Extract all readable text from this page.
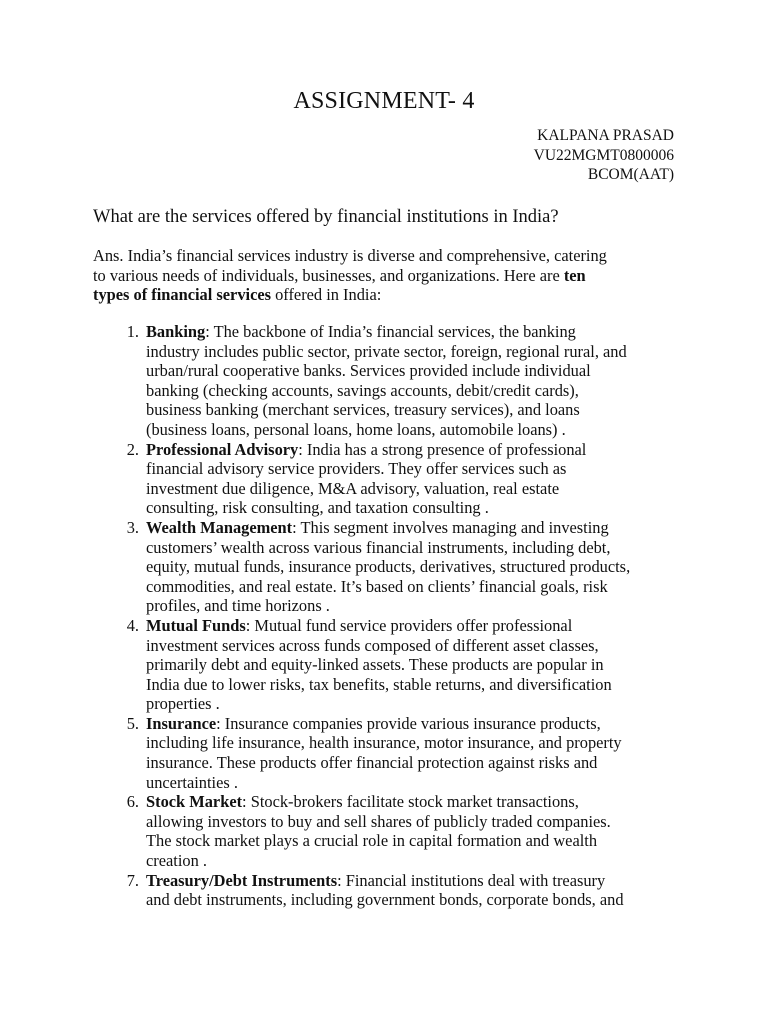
ASSIGNMENT- 4
KALPANA PRASAD
VU22MGMT0800006
BCOM(AAT)
What are the services offered by financial institutions in India?
Ans. India’s financial services industry is diverse and comprehensive, catering
to various needs of individuals, businesses, and organizations. Here are ten
types of financial services offered in India:
1. Banking: The backbone of India’s financial services, the banking
industry includes public sector, private sector, foreign, regional rural, and
urban/rural cooperative banks. Services provided include individual
banking (checking accounts, savings accounts, debit/credit cards),
business banking (merchant services, treasury services), and loans
(business loans, personal loans, home loans, automobile loans) .
2. Professional Advisory: India has a strong presence of professional
financial advisory service providers. They offer services such as
investment due diligence, M&A advisory, valuation, real estate
consulting, risk consulting, and taxation consulting .
3. Wealth Management: This segment involves managing and investing
customers’ wealth across various financial instruments, including debt,
equity, mutual funds, insurance products, derivatives, structured products,
commodities, and real estate. It’s based on clients’ financial goals, risk
profiles, and time horizons .
4. Mutual Funds: Mutual fund service providers offer professional
investment services across funds composed of different asset classes,
primarily debt and equity-linked assets. These products are popular in
India due to lower risks, tax benefits, stable returns, and diversification
properties .
5. Insurance: Insurance companies provide various insurance products,
including life insurance, health insurance, motor insurance, and property
insurance. These products offer financial protection against risks and
uncertainties .
6. Stock Market: Stock-brokers facilitate stock market transactions,
allowing investors to buy and sell shares of publicly traded companies.
The stock market plays a crucial role in capital formation and wealth
creation .
7. Treasury/Debt Instruments: Financial institutions deal with treasury
and debt instruments, including government bonds, corporate bonds, and
